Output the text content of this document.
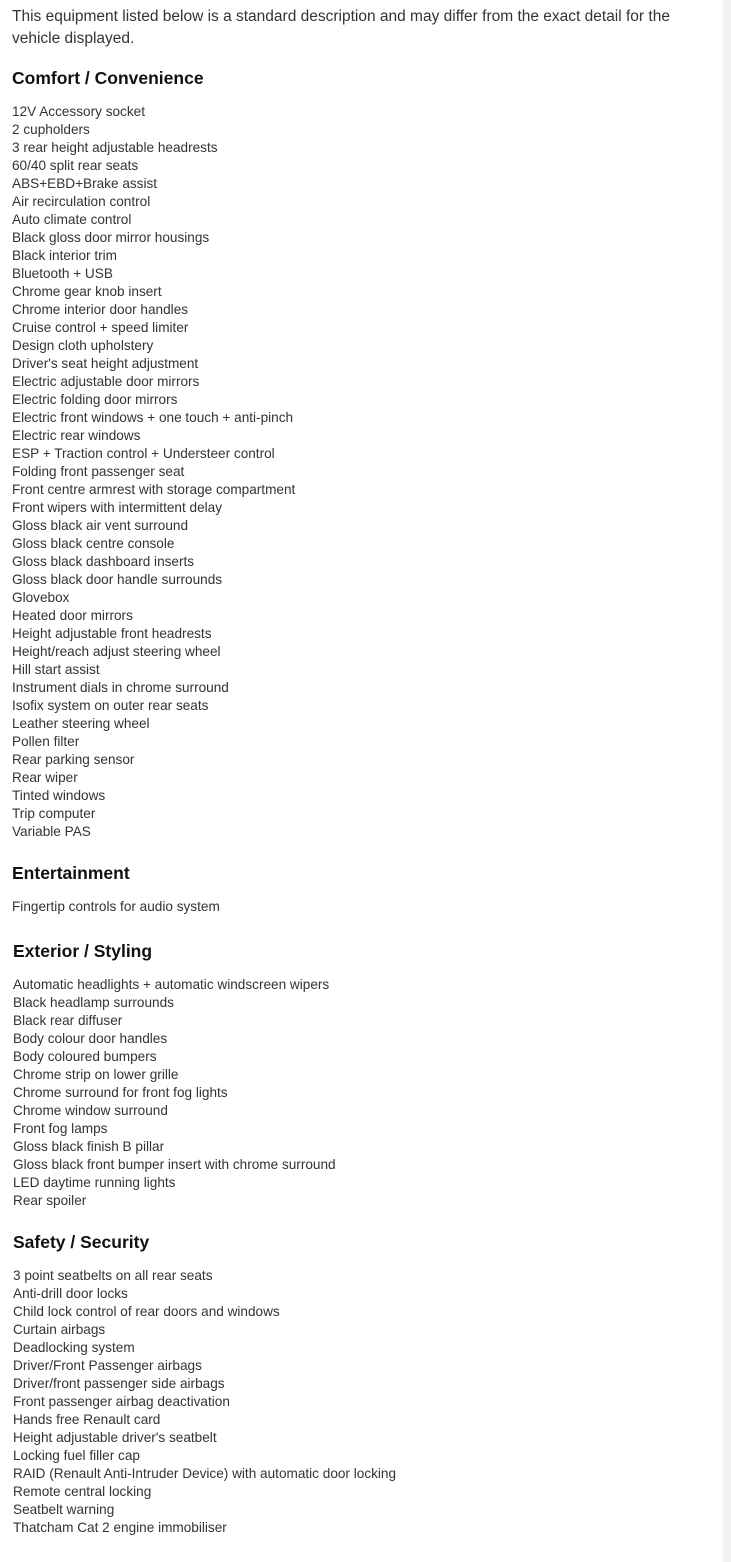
This equipment listed below is a standard description and may differ from the exact detail for the vehicle displayed.

Comfort / Convenience
12V Accessory socket
2 cupholders
3 rear height adjustable headrests
60/40 split rear seats
ABS+EBD+Brake assist
Air recirculation control
Auto climate control
Black gloss door mirror housings
Black interior trim
Bluetooth + USB
Chrome gear knob insert
Chrome interior door handles
Cruise control + speed limiter
Design cloth upholstery
Driver's seat height adjustment
Electric adjustable door mirrors
Electric folding door mirrors
Electric front windows + one touch + anti-pinch
Electric rear windows
ESP + Traction control + Understeer control
Folding front passenger seat
Front centre armrest with storage compartment
Front wipers with intermittent delay
Gloss black air vent surround
Gloss black centre console
Gloss black dashboard inserts
Gloss black door handle surrounds
Glovebox
Heated door mirrors
Height adjustable front headrests
Height/reach adjust steering wheel
Hill start assist
Instrument dials in chrome surround
Isofix system on outer rear seats
Leather steering wheel
Pollen filter
Rear parking sensor
Rear wiper
Tinted windows
Trip computer
Variable PAS
Entertainment
Fingertip controls for audio system
Exterior / Styling
Automatic headlights + automatic windscreen wipers
Black headlamp surrounds
Black rear diffuser
Body colour door handles
Body coloured bumpers
Chrome strip on lower grille
Chrome surround for front fog lights
Chrome window surround
Front fog lamps
Gloss black finish B pillar
Gloss black front bumper insert with chrome surround
LED daytime running lights
Rear spoiler
Safety / Security
3 point seatbelts on all rear seats
Anti-drill door locks
Child lock control of rear doors and windows
Curtain airbags
Deadlocking system
Driver/Front Passenger airbags
Driver/front passenger side airbags
Front passenger airbag deactivation
Hands free Renault card
Height adjustable driver's seatbelt
Locking fuel filler cap
RAID (Renault Anti-Intruder Device) with automatic door locking
Remote central locking
Seatbelt warning
Thatcham Cat 2 engine immobiliser
